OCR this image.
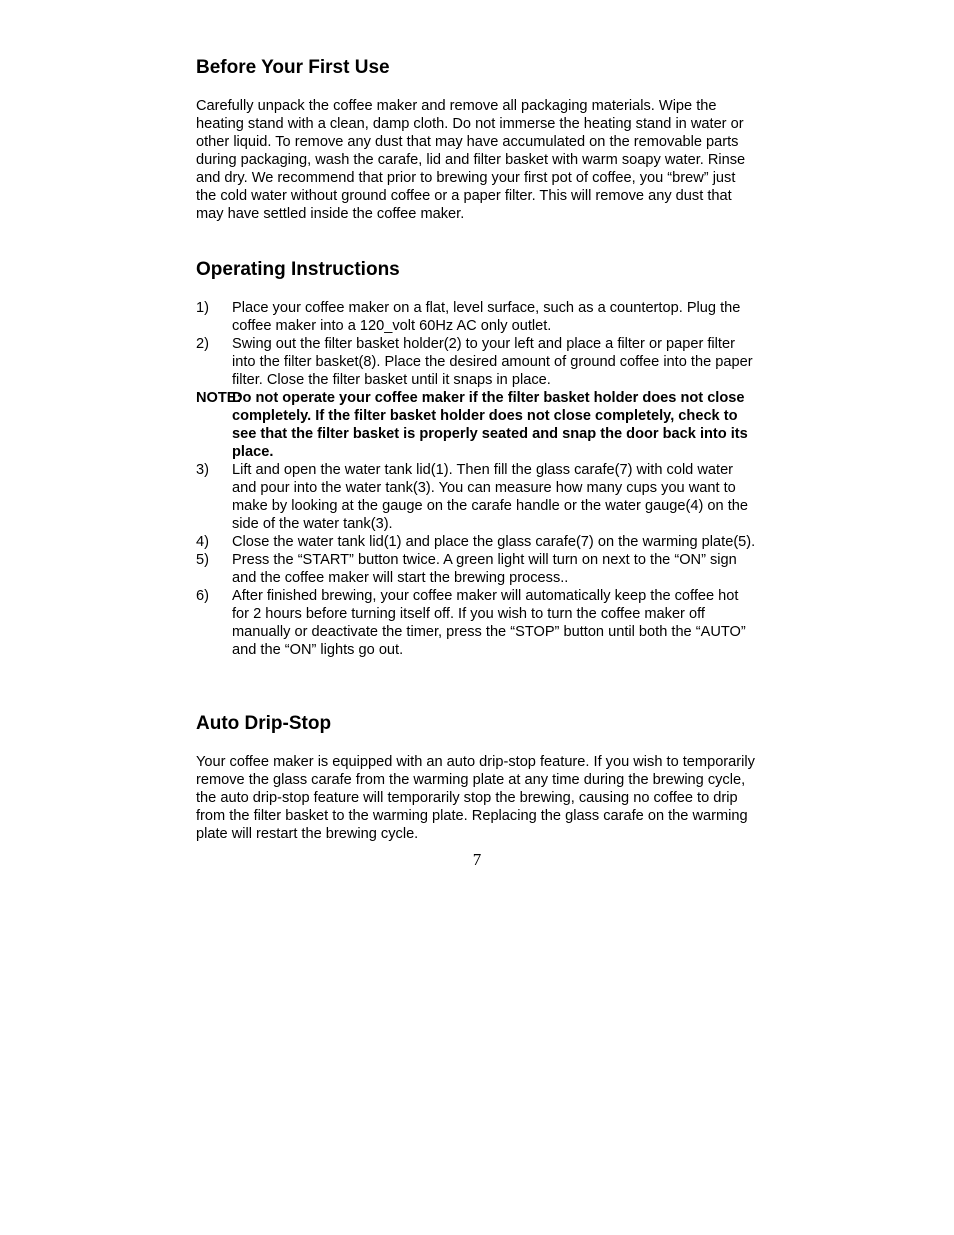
Before Your First Use

Carefully unpack the coffee maker and remove all packaging materials. Wipe the heating stand with a clean, damp cloth. Do not immerse the heating stand in water or other liquid. To remove any dust that may have accumulated on the removable parts during packaging, wash the carafe, lid and filter basket with warm soapy water. Rinse and dry. We recommend that prior to brewing your first pot of coffee, you “brew” just the cold water without ground coffee or a paper filter. This will remove any dust that may have settled inside the coffee maker.

Operating Instructions
1)	Place your coffee maker on a flat, level surface, such as a countertop. Plug the coffee maker into a 120_volt 60Hz AC only outlet.
2)	Swing out the filter basket holder(2) to your left and place a filter or paper filter into the filter basket(8). Place the desired amount of ground coffee into the paper filter. Close the filter basket until it snaps in place.
NOTE:
Do not operate your coffee maker if the filter basket holder does not close completely. If the filter basket holder does not close completely, check to see that the filter basket is properly seated and snap the door back into its place.
3)	Lift and open the water tank lid(1). Then fill the glass carafe(7) with cold water and pour into the water tank(3). You can measure how many cups you want to make by looking at the gauge on the carafe handle or the water gauge(4) on the side of the water tank(3).
4)	Close the water tank lid(1) and place the glass carafe(7) on the warming plate(5).
5)	Press the “START” button twice. A green light will turn on next to the “ON” sign and the coffee maker will start the brewing process..
6)	After finished brewing, your coffee maker will automatically keep the coffee hot for 2 hours before turning itself off. If you wish to turn the coffee maker off manually or deactivate the timer, press the “STOP” button until both the “AUTO” and the “ON” lights go out.
Auto Drip-Stop

Your coffee maker is equipped with an auto drip-stop feature. If you wish to temporarily remove the glass carafe from the warming plate at any time during the brewing cycle, the auto drip-stop feature will temporarily stop the brewing, causing no coffee to drip from the filter basket to the warming plate. Replacing the glass carafe on the warming plate will restart the brewing cycle.

7
